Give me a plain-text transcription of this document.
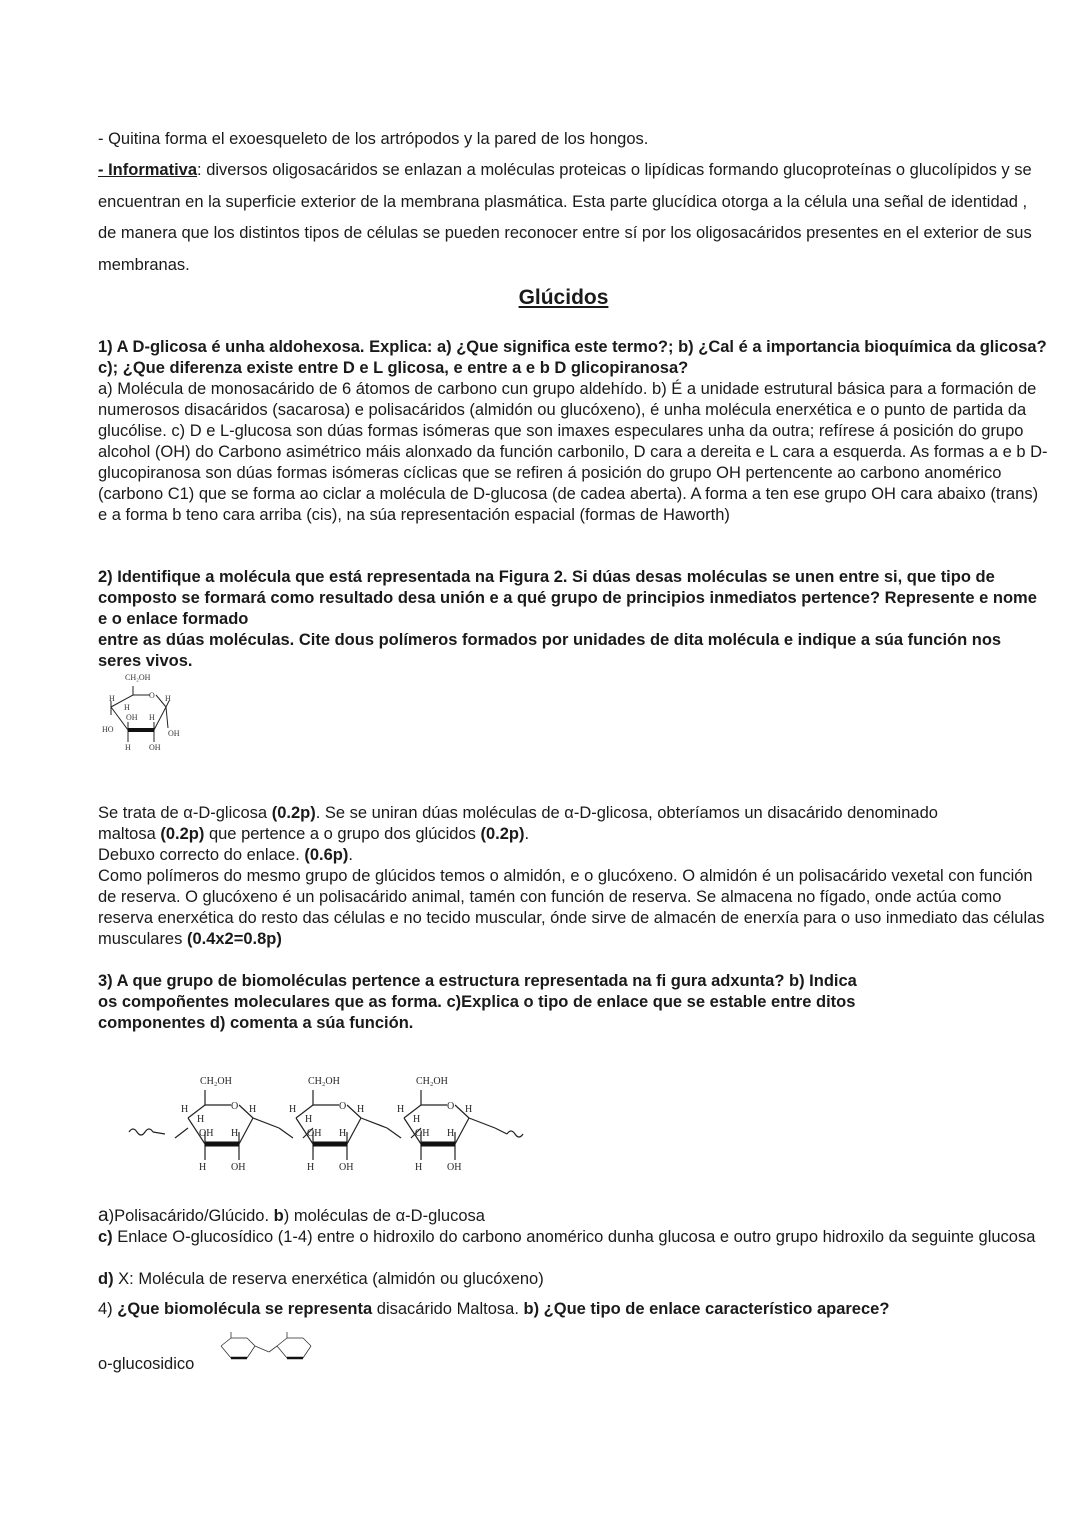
- Quitina forma el exoesqueleto de los artrópodos y la pared de los hongos.

- Informativa: diversos oligosacáridos se enlazan a moléculas proteicas o lipídicas formando glucoproteínas o glucolípidos y se encuentran en la superficie exterior de la membrana plasmática. Esta parte glucídica otorga a la célula una señal de identidad , de manera que los distintos tipos de células se pueden reconocer entre sí por los oligosacáridos presentes en el exterior de sus membranas.

Glúcidos

1) A D-glicosa é unha aldohexosa. Explica: a) ¿Que significa este termo?; b) ¿Cal é a importancia bioquímica da glicosa? c); ¿Que diferenza existe entre D e L glicosa, e entre a e b D glicopiranosa?

a) Molécula de monosacárido de 6 átomos de carbono cun grupo aldehído. b) É a unidade estrutural básica para a formación de numerosos disacáridos (sacarosa) e polisacáridos (almidón ou glucóxeno), é unha molécula enerxética e o punto de partida da glucólise. c) D e L-glucosa son dúas formas isómeras que son imaxes especulares unha da outra; refírese á posición do grupo alcohol (OH) do Carbono asimétrico máis alonxado da función carbonilo, D cara a dereita e L cara a esquerda. As formas a e b D-glucopiranosa son dúas formas isómeras cíclicas que se refiren á posición do grupo OH pertencente ao carbono anomérico (carbono C1) que se forma ao ciclar a molécula de D-glucosa (de cadea aberta). A forma a ten ese grupo OH cara abaixo (trans) e a forma b teno cara arriba (cis), na súa representación espacial (formas de Haworth)

2) Identifique a molécula que está representada na Figura 2. Si dúas desas moléculas se unen entre si, que tipo de composto se formará como resultado desa unión e a qué grupo de principios inmediatos pertence? Represente e nome e o enlace formado

entre as dúas moléculas. Cite dous polímeros formados por unidades de dita molécula e indique a súa función nos seres vivos.

CH₂OH
O
H
H
H
OH H
HO	OH
H OH

Se trata de α-D-glicosa (0.2p). Se se uniran dúas moléculas de α-D-glicosa, obteríamos un disacárido denominado

maltosa (0.2p) que pertence a o grupo dos glúcidos (0.2p).

Debuxo correcto do enlace. (0.6p).

Como polímeros do mesmo grupo de glúcidos temos o almidón, e o glucóxeno. O almidón é un polisacárido vexetal con función de reserva. O glucóxeno é un polisacárido animal, tamén con función de reserva. Se almacena no fígado, onde actúa como reserva enerxética do resto das células e no tecido muscular, ónde sirve de almacén de enerxía para o uso inmediato das células musculares (0.4x2=0.8p)

3) A que grupo de biomoléculas pertence a estructura representada na fi gura adxunta? b) Indica

os compoñentes moleculares que as forma. c)Explica o tipo de enlace que se estable entre ditos

componentes d) comenta a súa función.

CH₂OH	CH₂OH	CH₂OH
H
H
H
OH H
H OH
H
H
H
OH H
H OH
H
H
H
OH H
H OH
O	O	O

a)Polisacárido/Glúcido. b) moléculas de α-D-glucosa

c) Enlace O-glucosídico (1-4) entre o hidroxilo do carbono anomérico dunha glucosa e outro grupo hidroxilo da seguinte glucosa

d) X: Molécula de reserva enerxética (almidón ou glucóxeno)

4) ¿Que biomolécula se representa disacárido Maltosa. b) ¿Que tipo de enlace característico aparece?

o-glucosidico
